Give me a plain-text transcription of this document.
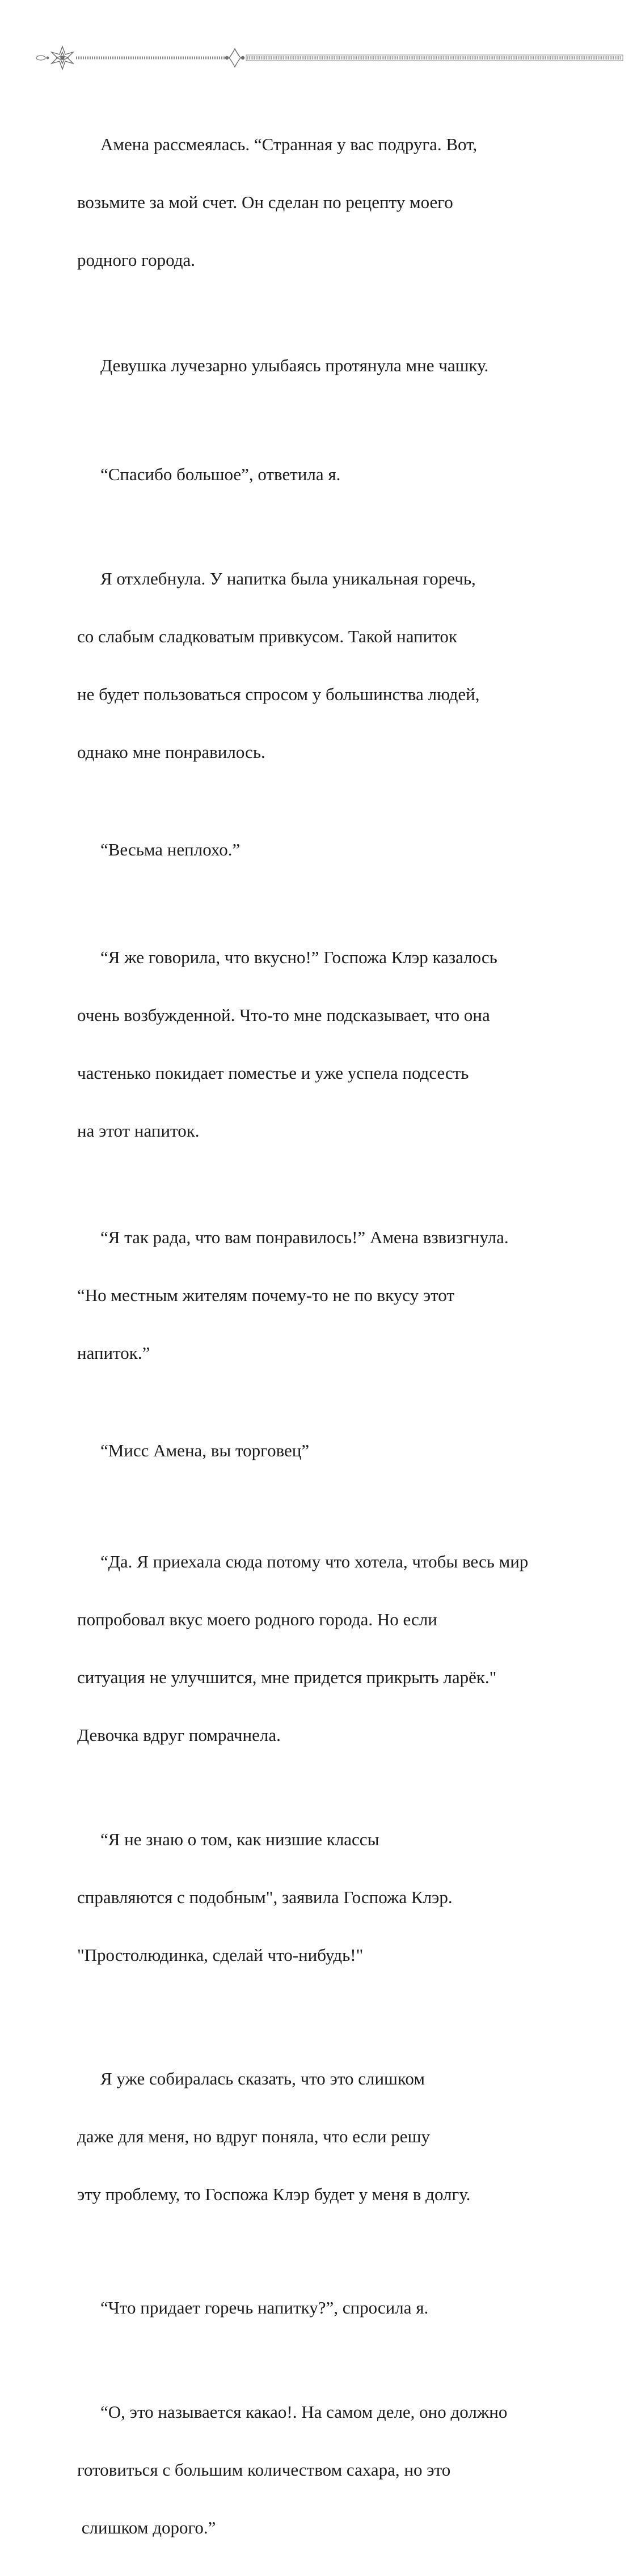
Амена рассмеялась. “Странная у вас подруга. Вот,

возьмите за мой счет. Он сделан по рецепту моего

родного города.

Девушка лучезарно улыбаясь протянула мне чашку.

“Спасибо большое”, ответила я.

Я отхлебнула. У напитка была уникальная горечь,

со слабым сладковатым привкусом. Такой напиток

не будет пользоваться спросом у большинства людей,

однако мне понравилось.

“Весьма неплохо.”

“Я же говорила, что вкусно!” Госпожа Клэр казалось

очень возбужденной. Что-то мне подсказывает, что она

частенько покидает поместье и уже успела подсесть

на этот напиток.

“Я так рада, что вам понравилось!” Амена взвизгнула.

“Но местным жителям почему-то не по вкусу этот

напиток.”

“Мисс Амена, вы торговец”

“Да. Я приехала сюда потому что хотела, чтобы весь мир

попробовал вкус моего родного города. Но если

ситуация не улучшится, мне придется прикрыть ларёк."

Девочка вдруг помрачнела.

“Я не знаю о том, как низшие классы

справляются с подобным", заявила Госпожа Клэр.

"Простолюдинка, сделай что-нибудь!"

Я уже собиралась сказать, что это слишком

даже для меня, но вдруг поняла, что если решу

эту проблему, то Госпожа Клэр будет у меня в долгу.

“Что придает горечь напитку?”, спросила я.

“О, это называется какао!. На самом деле, оно должно

готовиться с большим количеством сахара, но это

слишком дорого.”
